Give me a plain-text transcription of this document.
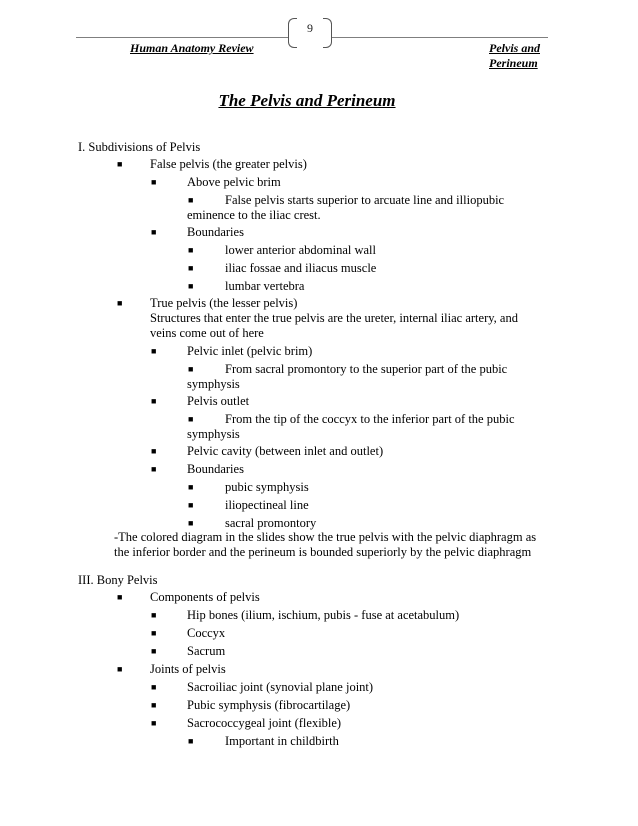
9
Human Anatomy Review	Pelvis and
Perineum
The Pelvis and Perineum
I. Subdivisions of Pelvis
■ False pelvis (the greater pelvis)
■ Above pelvic brim
■	False pelvis starts superior to arcuate line and illiopubic
eminence to the iliac crest.
■ Boundaries
■	lower anterior abdominal wall
■	iliac fossae and iliacus muscle
■	lumbar vertebra
■ True pelvis (the lesser pelvis)
Structures that enter the true pelvis are the ureter, internal iliac artery, and
veins come out of here
■ Pelvic inlet (pelvic brim)
■	From sacral promontory to the superior part of the pubic
symphysis
■ Pelvis outlet
■	From the tip of the coccyx to the inferior part of the pubic
symphysis
■ Pelvic cavity (between inlet and outlet)
■ Boundaries
■	pubic symphysis
■	iliopectineal line
■	sacral promontory
-The colored diagram in the slides show the true pelvis with the pelvic diaphragm as
the inferior border and the perineum is bounded superiorly by the pelvic diaphragm
III. Bony Pelvis
■ Components of pelvis
■ Hip bones (ilium, ischium, pubis - fuse at acetabulum)
■ Coccyx
■ Sacrum
■ Joints of pelvis
■ Sacroiliac joint (synovial plane joint)
■ Pubic symphysis (fibrocartilage)
■ Sacrococcygeal joint (flexible)
■	Important in childbirth
